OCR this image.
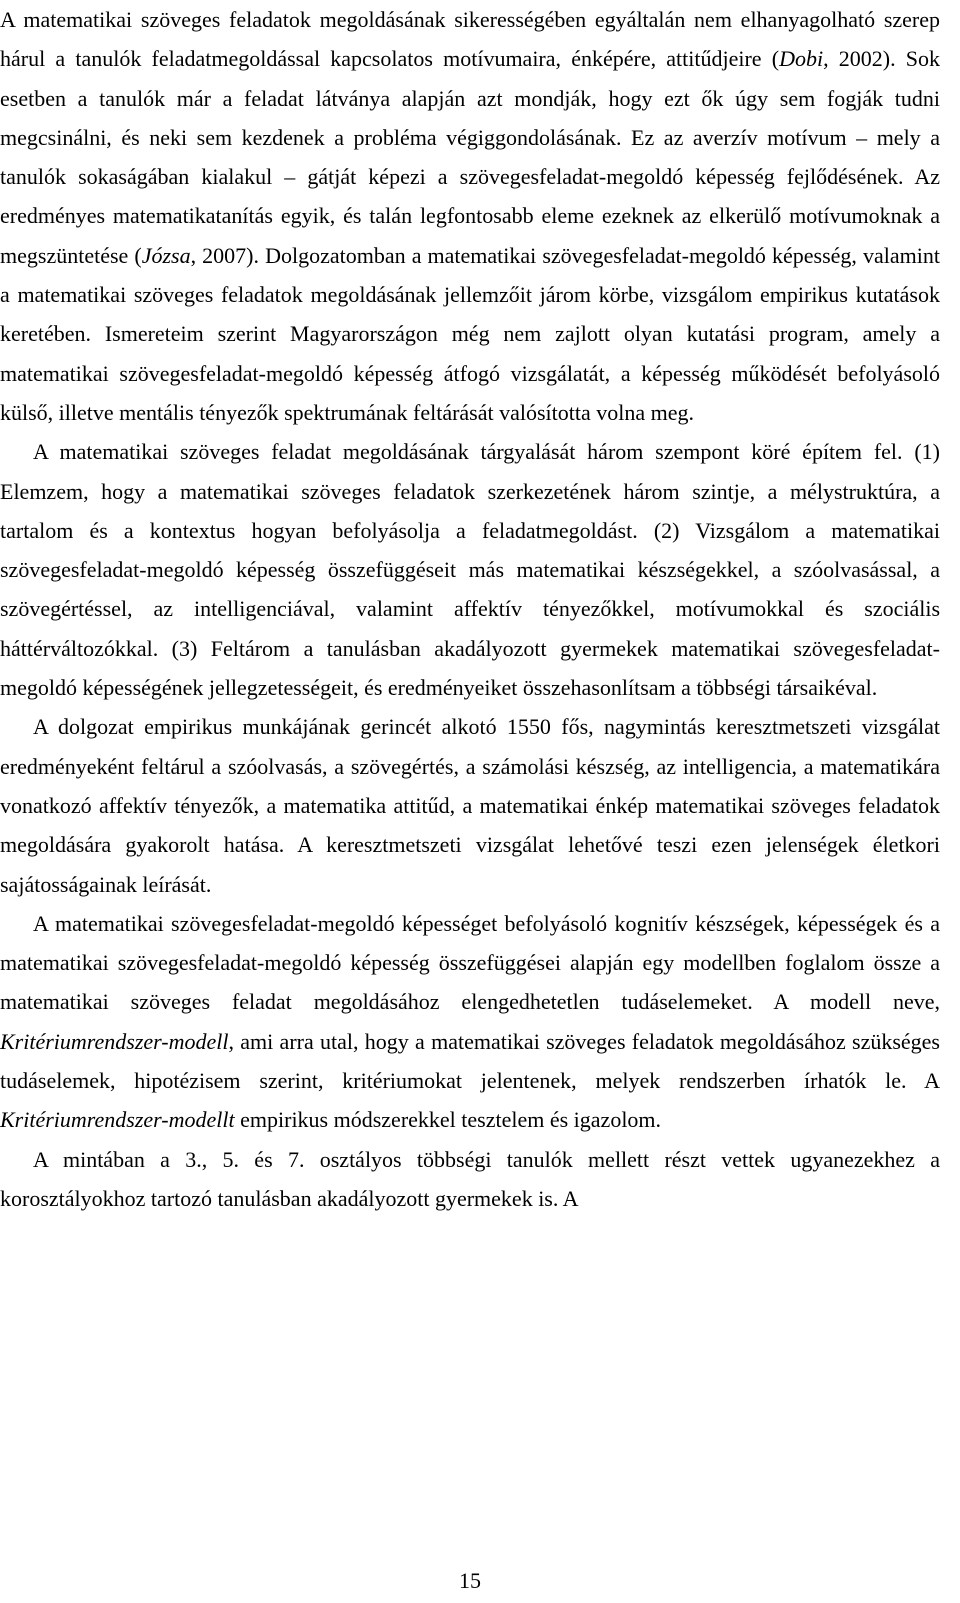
A matematikai szöveges feladatok megoldásának sikerességében egyáltalán nem elhanyagolható szerep hárul a tanulók feladatmegoldással kapcsolatos motívumaira, énképére, attitűdjeire (Dobi, 2002). Sok esetben a tanulók már a feladat látványa alapján azt mondják, hogy ezt ők úgy sem fogják tudni megcsinálni, és neki sem kezdenek a probléma végiggondolásának. Ez az averzív motívum – mely a tanulók sokaságában kialakul – gátját képezi a szövegesfeladat-megoldó képesség fejlődésének. Az eredményes matematikatanítás egyik, és talán legfontosabb eleme ezeknek az elkerülő motívumoknak a megszüntetése (Józsa, 2007). Dolgozatomban a matematikai szövegesfeladat-megoldó képesség, valamint a matematikai szöveges feladatok megoldásának jellemzőit járom körbe, vizsgálom empirikus kutatások keretében. Ismereteim szerint Magyarországon még nem zajlott olyan kutatási program, amely a matematikai szövegesfeladat-megoldó képesség átfogó vizsgálatát, a képesség működését befolyásoló külső, illetve mentális tényezők spektrumának feltárását valósította volna meg.

A matematikai szöveges feladat megoldásának tárgyalását három szempont köré építem fel. (1) Elemzem, hogy a matematikai szöveges feladatok szerkezetének három szintje, a mélystruktúra, a tartalom és a kontextus hogyan befolyásolja a feladatmegoldást. (2) Vizsgálom a matematikai szövegesfeladat-megoldó képesség összefüggéseit más matematikai készségekkel, a szóolvasással, a szövegértéssel, az intelligenciával, valamint affektív tényezőkkel, motívumokkal és szociális háttérváltozókkal. (3) Feltárom a tanulásban akadályozott gyermekek matematikai szövegesfeladat-megoldó képességének jellegzetességeit, és eredményeiket összehasonlítsam a többségi társaikéval.

A dolgozat empirikus munkájának gerincét alkotó 1550 fős, nagymintás keresztmetszeti vizsgálat eredményeként feltárul a szóolvasás, a szövegértés, a számolási készség, az intelligencia, a matematikára vonatkozó affektív tényezők, a matematika attitűd, a matematikai énkép matematikai szöveges feladatok megoldására gyakorolt hatása. A keresztmetszeti vizsgálat lehetővé teszi ezen jelenségek életkori sajátosságainak leírását.

A matematikai szövegesfeladat-megoldó képességet befolyásoló kognitív készségek, képességek és a matematikai szövegesfeladat-megoldó képesség összefüggései alapján egy modellben foglalom össze a matematikai szöveges feladat megoldásához elengedhetetlen tudáselemeket. A modell neve, Kritériumrendszer-modell, ami arra utal, hogy a matematikai szöveges feladatok megoldásához szükséges tudáselemek, hipotézisem szerint, kritériumokat jelentenek, melyek rendszerben írhatók le. A Kritériumrendszer-modellt empirikus módszerekkel tesztelem és igazolom.

A mintában a 3., 5. és 7. osztályos többségi tanulók mellett részt vettek ugyanezekhez a korosztályokhoz tartozó tanulásban akadályozott gyermekek is. A

15
